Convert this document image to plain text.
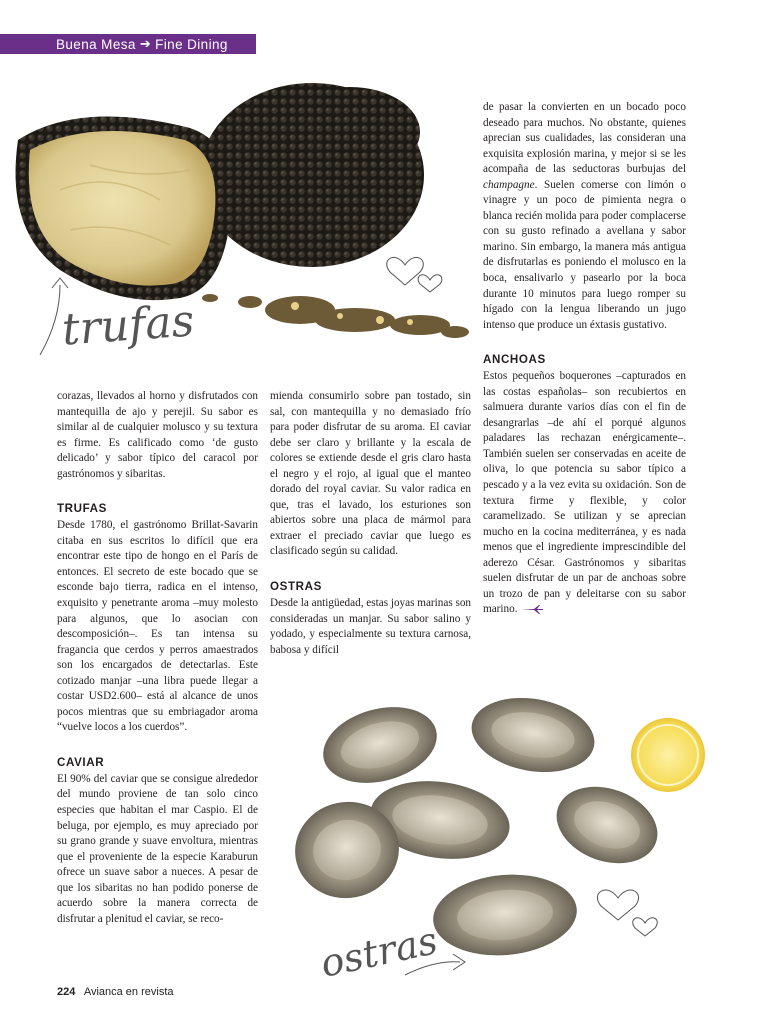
Buena Mesa ➔ Fine Dining
trufas
ostras

corazas, llevados al horno y disfrutados con mantequilla de ajo y perejil. Su sabor es similar al de cualquier molusco y su textura es firme. Es calificado como ‘de gusto delicado’ y sabor típico del caracol por gastrónomos y sibaritas.

TRUFAS

Desde 1780, el gastrónomo Brillat-Savarin citaba en sus escritos lo difícil que era encontrar este tipo de hongo en el París de entonces. El secreto de este bocado que se esconde bajo tierra, radica en el intenso, exquisito y penetrante aroma –muy molesto para algunos, que lo asocian con descomposición–. Es tan intensa su fragancia que cerdos y perros amaestrados son los encargados de detectarlas. Este cotizado manjar –una libra puede llegar a costar USD2.600– está al alcance de unos pocos mientras que su embriagador aroma “vuelve locos a los cuerdos”.

CAVIAR

El 90% del caviar que se consigue alrededor del mundo proviene de tan solo cinco especies que habitan el mar Caspio. El de beluga, por ejemplo, es muy apreciado por su grano grande y suave envoltura, mientras que el proveniente de la especie Karaburun ofrece un suave sabor a nueces. A pesar de que los sibaritas no han podido ponerse de acuerdo sobre la manera correcta de disfrutar a plenitud el caviar, se reco-

mienda consumirlo sobre pan tostado, sin sal, con mantequilla y no demasiado frío para poder disfrutar de su aroma. El caviar debe ser claro y brillante y la escala de colores se extiende desde el gris claro hasta el negro y el rojo, al igual que el manteo dorado del royal caviar. Su valor radica en que, tras el lavado, los esturiones son abiertos sobre una placa de mármol para extraer el preciado caviar que luego es clasificado según su calidad.

OSTRAS

Desde la antigüedad, estas joyas marinas son consideradas un manjar. Su sabor salino y yodado, y especialmente su textura carnosa, babosa y difícil

de pasar la convierten en un bocado poco deseado para muchos. No obstante, quienes aprecian sus cualidades, las consideran una exquisita explosión marina, y mejor si se les acompaña de las seductoras burbujas del champagne. Suelen comerse con limón o vinagre y un poco de pimienta negra o blanca recién molida para poder complacerse con su gusto refinado a avellana y sabor marino. Sin embargo, la manera más antigua de disfrutarlas es poniendo el molusco en la boca, ensalivarlo y pasearlo por la boca durante 10 minutos para luego romper su hígado con la lengua liberando un jugo intenso que produce un éxtasis gustativo.

ANCHOAS

Estos pequeños boquerones –capturados en las costas españolas– son recubiertos en salmuera durante varios días con el fin de desangrarlas –de ahí el porqué algunos paladares las rechazan enérgicamente–. También suelen ser conservadas en aceite de oliva, lo que potencia su sabor típico a pescado y a la vez evita su oxidación. Son de textura firme y flexible, y color caramelizado. Se utilizan y se aprecian mucho en la cocina mediterránea, y es nada menos que el ingrediente imprescindible del aderezo César. Gastrónomos y sibaritas suelen disfrutar de un par de anchoas sobre un trozo de pan y deleitarse con su sabor marino.

224 Avianca en revista
